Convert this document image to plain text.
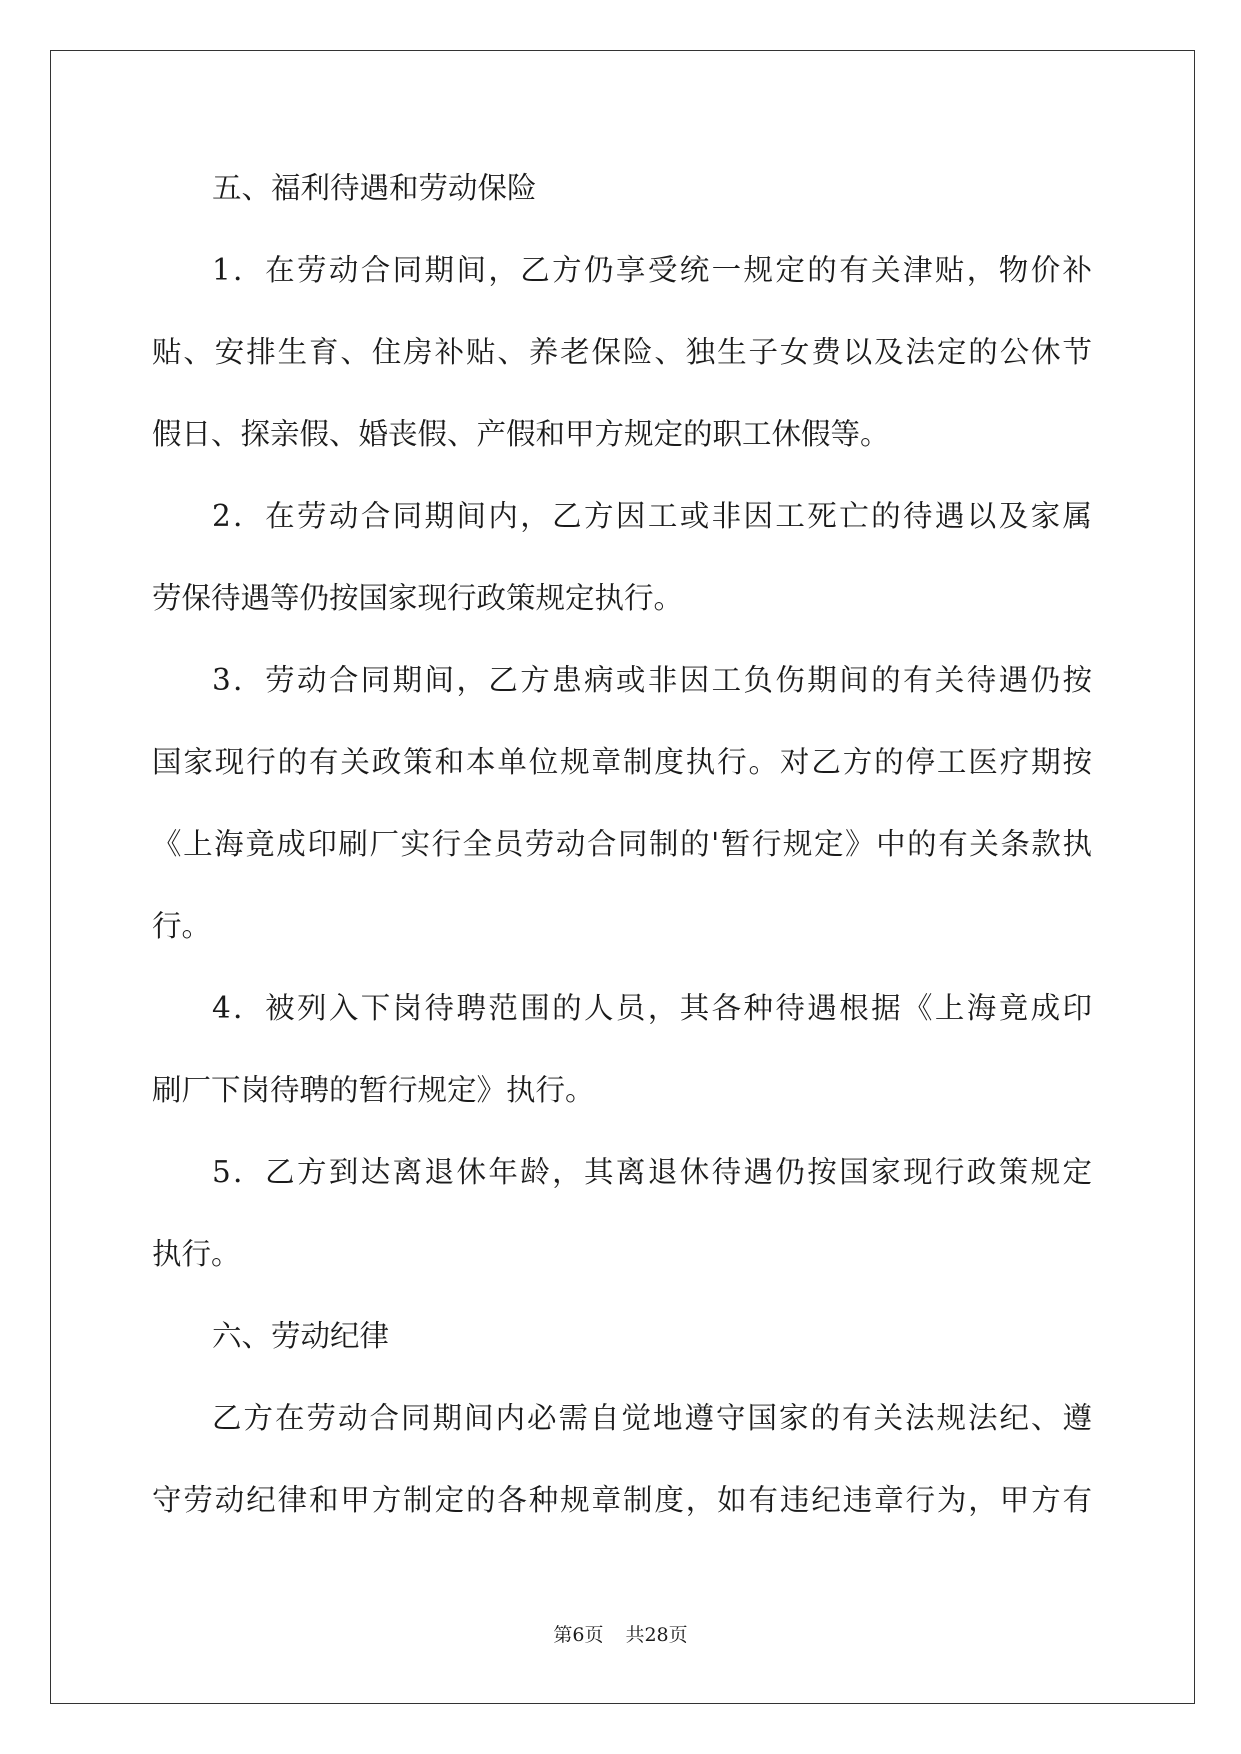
五、福利待遇和劳动保险
1．在劳动合同期间，乙方仍享受统一规定的有关津贴，物价补
贴、安排生育、住房补贴、养老保险、独生子女费以及法定的公休节
假日、探亲假、婚丧假、产假和甲方规定的职工休假等。
2．在劳动合同期间内，乙方因工或非因工死亡的待遇以及家属
劳保待遇等仍按国家现行政策规定执行。
3．劳动合同期间，乙方患病或非因工负伤期间的有关待遇仍按
国家现行的有关政策和本单位规章制度执行。对乙方的停工医疗期按
《上海竟成印刷厂实行全员劳动合同制的'暂行规定》中的有关条款执
行。
4．被列入下岗待聘范围的人员，其各种待遇根据《上海竟成印
刷厂下岗待聘的暂行规定》执行。
5．乙方到达离退休年龄，其离退休待遇仍按国家现行政策规定
执行。
六、劳动纪律
乙方在劳动合同期间内必需自觉地遵守国家的有关法规法纪、遵
守劳动纪律和甲方制定的各种规章制度，如有违纪违章行为，甲方有
第6页 共28页
